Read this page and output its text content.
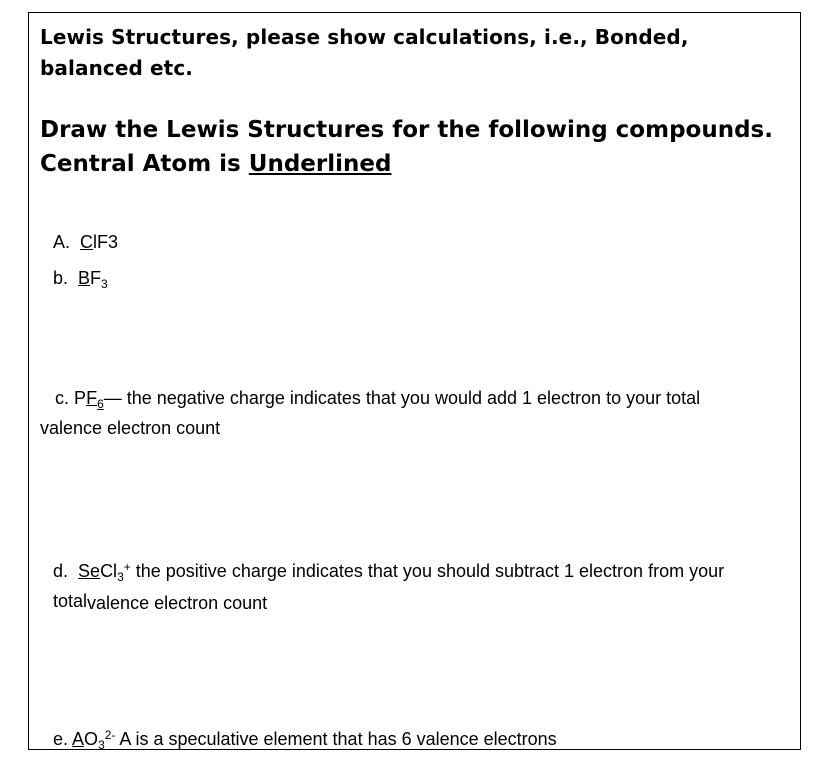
Lewis Structures, please show calculations, i.e., Bonded, balanced etc.
Draw the Lewis Structures for the following compounds.
Central Atom is Underlined
A. ClF3
b. $BF_3$
c. $PF_6—$ the negative charge indicates that you would add 1 electron to your total
valence electron count
d. SeCl$_3$+ the positive charge indicates that you should subtract 1 electron from your
totalvalence electron count
e. $AO_3^{2-}$ A is a speculative element that has 6 valence electrons
